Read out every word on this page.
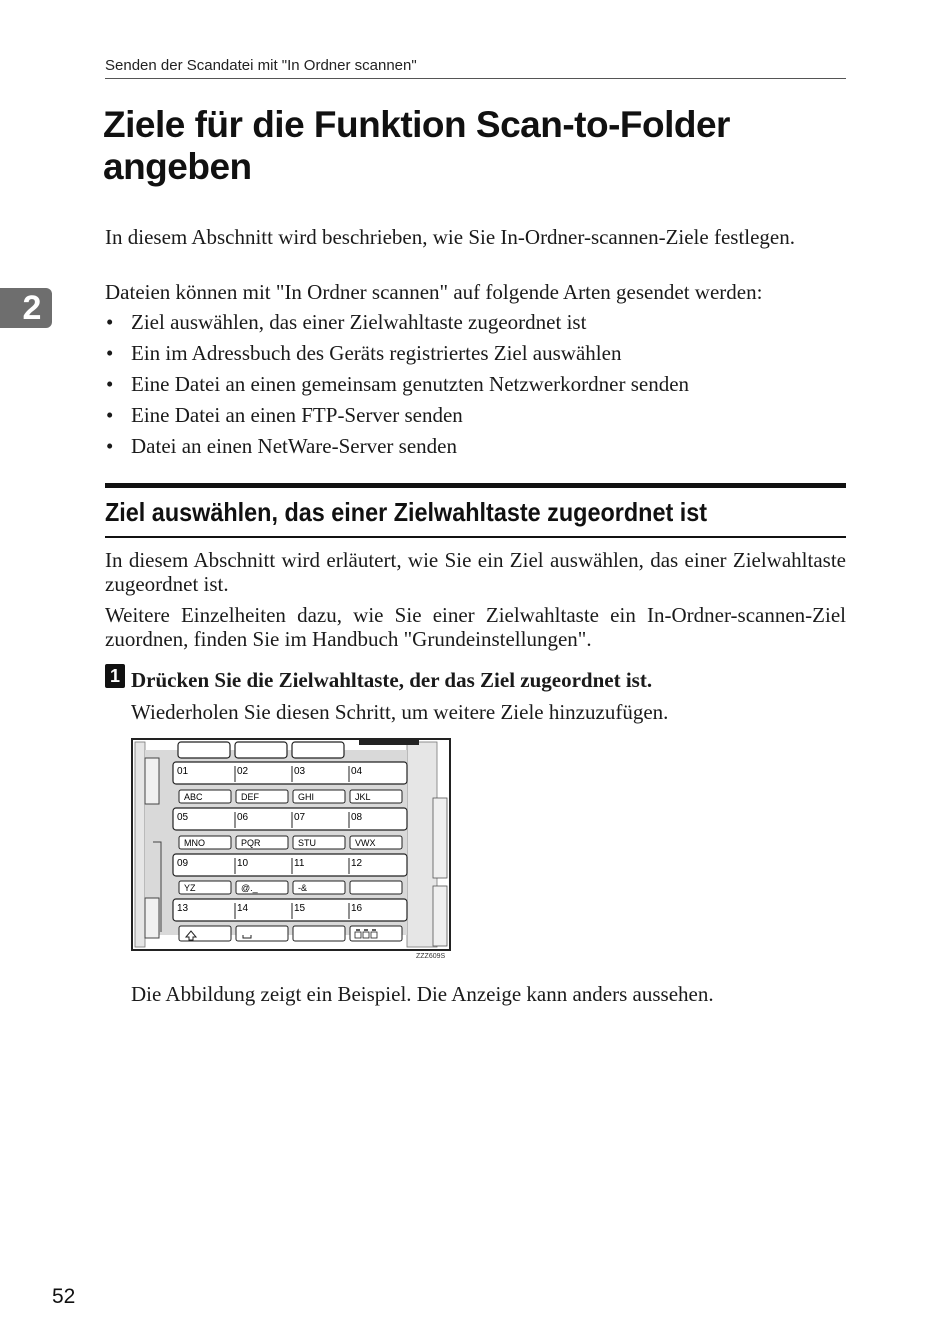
Senden der Scandatei mit "In Ordner scannen"
2
Ziele für die Funktion Scan-to-Folder angeben

In diesem Abschnitt wird beschrieben, wie Sie In-Ordner-scannen-Ziele festlegen.

Dateien können mit "In Ordner scannen" auf folgende Arten gesendet werden:

• Ziel auswählen, das einer Zielwahltaste zugeordnet ist
• Ein im Adressbuch des Geräts registriertes Ziel auswählen
• Eine Datei an einen gemeinsam genutzten Netzwerkordner senden
• Eine Datei an einen FTP-Server senden
• Datei an einen NetWare-Server senden
Ziel auswählen, das einer Zielwahltaste zugeordnet ist

In diesem Abschnitt wird erläutert, wie Sie ein Ziel auswählen, das einer Zielwahltaste zugeordnet ist.

Weitere Einzelheiten dazu, wie Sie einer Zielwahltaste ein In-Ordner-scannen-Ziel zuordnen, finden Sie im Handbuch "Grundeinstellungen".

1 Drücken Sie die Zielwahltaste, der das Ziel zugeordnet ist.

Wiederholen Sie diesen Schritt, um weitere Ziele hinzuzufügen.

01	02	03	04
ABC	DEF	GHI	JKL
05	06	07	08
MNO	PQR	STU	VWX
09	10	11	12
YZ	@._	-&
13	14	15	16
ZZZ609S

Die Abbildung zeigt ein Beispiel. Die Anzeige kann anders aussehen.

52
